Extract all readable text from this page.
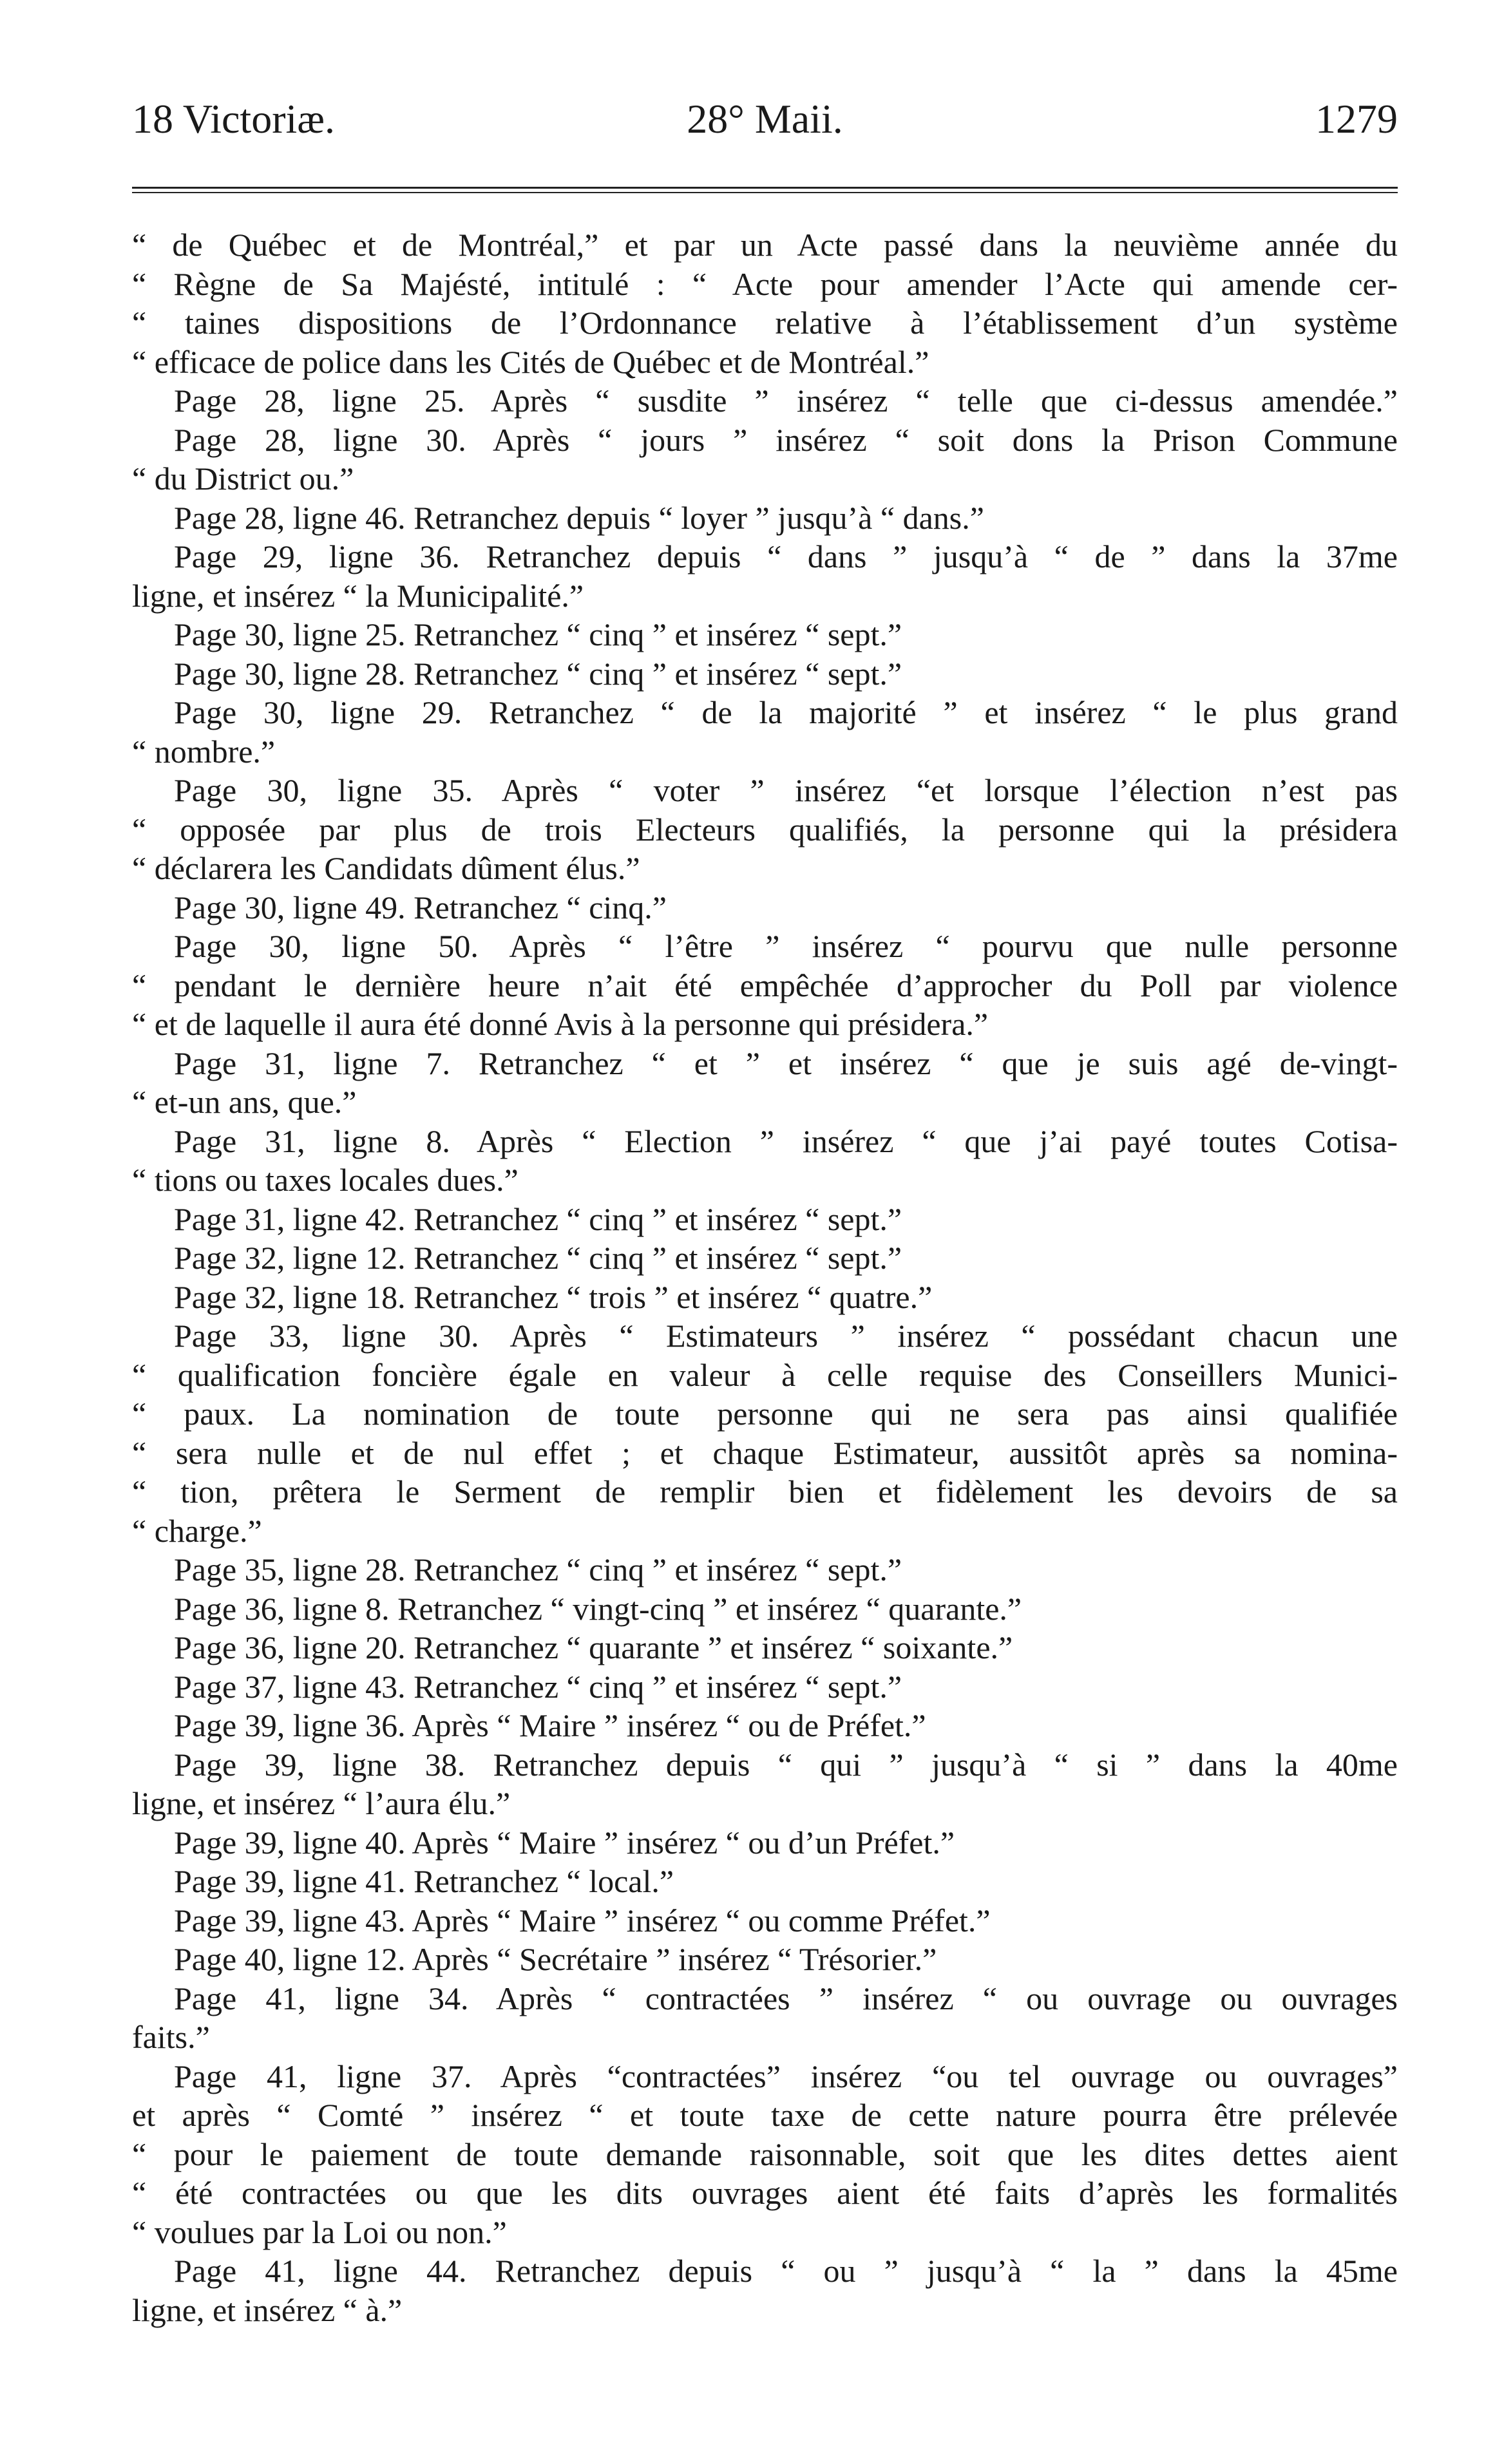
18 Victoriæ.	28° Maii.	1279
“ de Québec et de Montréal,” et par un Acte passé dans la neuvième année du
“ Règne de Sa Majésté, intitulé : “ Acte pour amender l’Acte qui amende cer-
“ taines dispositions de l’Ordonnance relative à l’établissement d’un système
“ efficace de police dans les Cités de Québec et de Montréal.”
Page 28, ligne 25. Après “ susdite ” insérez “ telle que ci-dessus amendée.”
Page 28, ligne 30. Après “ jours ” insérez “ soit dons la Prison Commune
“ du District ou.”
Page 28, ligne 46. Retranchez depuis “ loyer ” jusqu’à “ dans.”
Page 29, ligne 36. Retranchez depuis “ dans ” jusqu’à “ de ” dans la 37me
ligne, et insérez “ la Municipalité.”
Page 30, ligne 25. Retranchez “ cinq ” et insérez “ sept.”
Page 30, ligne 28. Retranchez “ cinq ” et insérez “ sept.”
Page 30, ligne 29. Retranchez “ de la majorité ” et insérez “ le plus grand
“ nombre.”
Page 30, ligne 35. Après “ voter ” insérez “et lorsque l’élection n’est pas
“ opposée par plus de trois Electeurs qualifiés, la personne qui la présidera
“ déclarera les Candidats dûment élus.”
Page 30, ligne 49. Retranchez “ cinq.”
Page 30, ligne 50. Après “ l’être ” insérez “ pourvu que nulle personne
“ pendant le dernière heure n’ait été empêchée d’approcher du Poll par violence
“ et de laquelle il aura été donné Avis à la personne qui présidera.”
Page 31, ligne 7. Retranchez “ et ” et insérez “ que je suis agé de-vingt-
“ et-un ans, que.”
Page 31, ligne 8. Après “ Election ” insérez “ que j’ai payé toutes Cotisa-
“ tions ou taxes locales dues.”
Page 31, ligne 42. Retranchez “ cinq ” et insérez “ sept.”
Page 32, ligne 12. Retranchez “ cinq ” et insérez “ sept.”
Page 32, ligne 18. Retranchez “ trois ” et insérez “ quatre.”
Page 33, ligne 30. Après “ Estimateurs ” insérez “ possédant chacun une
“ qualification foncière égale en valeur à celle requise des Conseillers Munici-
“ paux. La nomination de toute personne qui ne sera pas ainsi qualifiée
“ sera nulle et de nul effet ; et chaque Estimateur, aussitôt après sa nomina-
“ tion, prêtera le Serment de remplir bien et fidèlement les devoirs de sa
“ charge.”
Page 35, ligne 28. Retranchez “ cinq ” et insérez “ sept.”
Page 36, ligne 8. Retranchez “ vingt-cinq ” et insérez “ quarante.”
Page 36, ligne 20. Retranchez “ quarante ” et insérez “ soixante.”
Page 37, ligne 43. Retranchez “ cinq ” et insérez “ sept.”
Page 39, ligne 36. Après “ Maire ” insérez “ ou de Préfet.”
Page 39, ligne 38. Retranchez depuis “ qui ” jusqu’à “ si ” dans la 40me
ligne, et insérez “ l’aura élu.”
Page 39, ligne 40. Après “ Maire ” insérez “ ou d’un Préfet.”
Page 39, ligne 41. Retranchez “ local.”
Page 39, ligne 43. Après “ Maire ” insérez “ ou comme Préfet.”
Page 40, ligne 12. Après “ Secrétaire ” insérez “ Trésorier.”
Page 41, ligne 34. Après “ contractées ” insérez “ ou ouvrage ou ouvrages
faits.”
Page 41, ligne 37. Après “contractées” insérez “ou tel ouvrage ou ouvrages”
et après “ Comté ” insérez “ et toute taxe de cette nature pourra être prélevée
“ pour le paiement de toute demande raisonnable, soit que les dites dettes aient
“ été contractées ou que les dits ouvrages aient été faits d’après les formalités
“ voulues par la Loi ou non.”
Page 41, ligne 44. Retranchez depuis “ ou ” jusqu’à “ la ” dans la 45me
ligne, et insérez “ à.”
